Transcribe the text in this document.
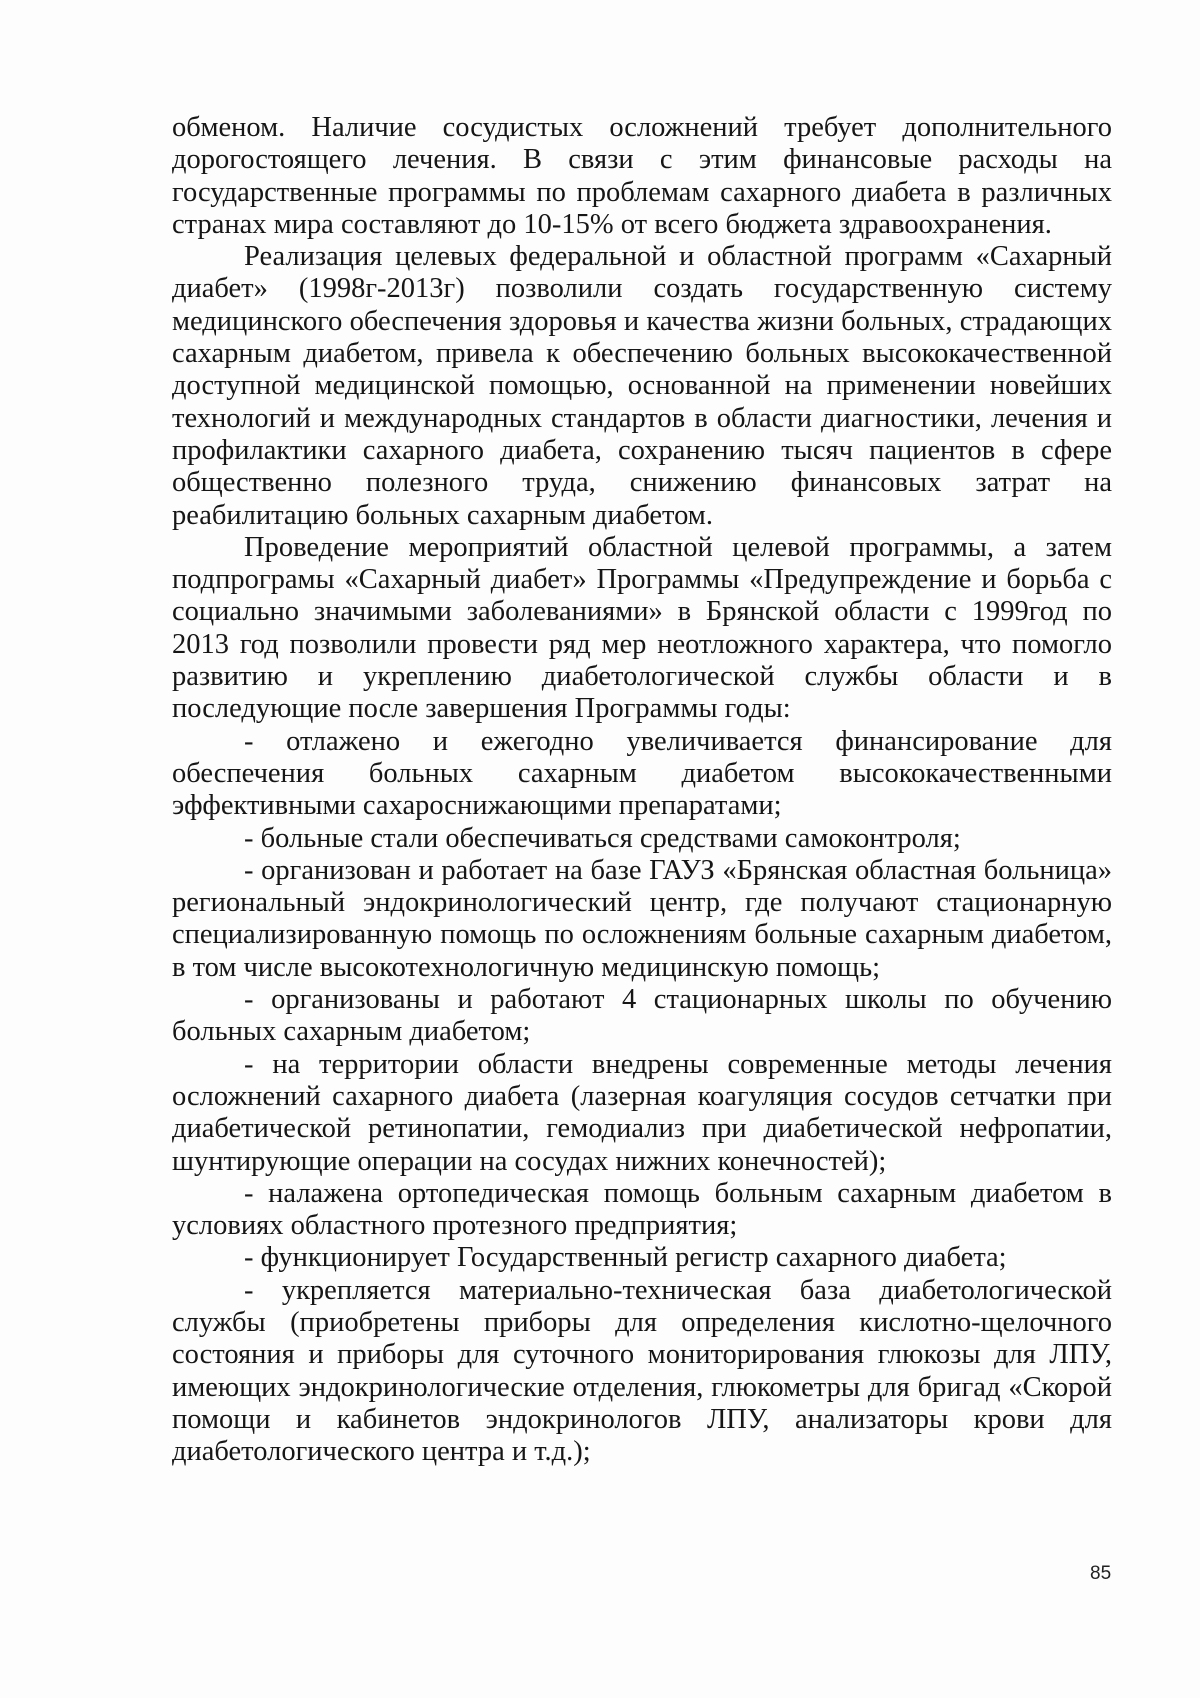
обменом. Наличие сосудистых осложнений требует дополнительного дорогостоящего лечения. В связи с этим финансовые расходы на государственные программы по проблемам сахарного диабета в различных странах мира составляют до 10-15% от всего бюджета здравоохранения.

Реализация целевых федеральной и областной программ «Сахарный диабет» (1998г-2013г) позволили создать государственную систему медицинского обеспечения здоровья и качества жизни больных, страдающих сахарным диабетом, привела к обеспечению больных высококачественной доступной медицинской помощью, основанной на применении новейших технологий и международных стандартов в области диагностики, лечения и профилактики сахарного диабета, сохранению тысяч пациентов в сфере общественно полезного труда, снижению финансовых затрат на реабилитацию больных сахарным диабетом.

Проведение мероприятий областной целевой программы, а затем подпрограмы «Сахарный диабет» Программы «Предупреждение и борьба с социально значимыми заболеваниями» в Брянской области с 1999год по 2013 год позволили провести ряд мер неотложного характера, что помогло развитию и укреплению диабетологической службы области и в последующие после завершения Программы годы:

- отлажено и ежегодно увеличивается финансирование для обеспечения больных сахарным диабетом высококачественными эффективными сахароснижающими препаратами;

- больные стали обеспечиваться средствами самоконтроля;

- организован и работает на базе ГАУЗ «Брянская областная больница» региональный эндокринологический центр, где получают стационарную специализированную помощь по осложнениям больные сахарным диабетом, в том числе высокотехнологичную медицинскую помощь;

- организованы и работают 4 стационарных школы по обучению больных сахарным диабетом;

- на территории области внедрены современные методы лечения осложнений сахарного диабета (лазерная коагуляция сосудов сетчатки при диабетической ретинопатии, гемодиализ при диабетической нефропатии, шунтирующие операции на сосудах нижних конечностей);

- налажена ортопедическая помощь больным сахарным диабетом в условиях областного протезного предприятия;

- функционирует Государственный регистр сахарного диабета;

- укрепляется материально-техническая база диабетологической службы (приобретены приборы для определения кислотно-щелочного состояния и приборы для суточного мониторирования глюкозы для ЛПУ, имеющих эндокринологические отделения, глюкометры для бригад «Скорой помощи и кабинетов эндокринологов ЛПУ, анализаторы крови для диабетологического центра и т.д.);

85
